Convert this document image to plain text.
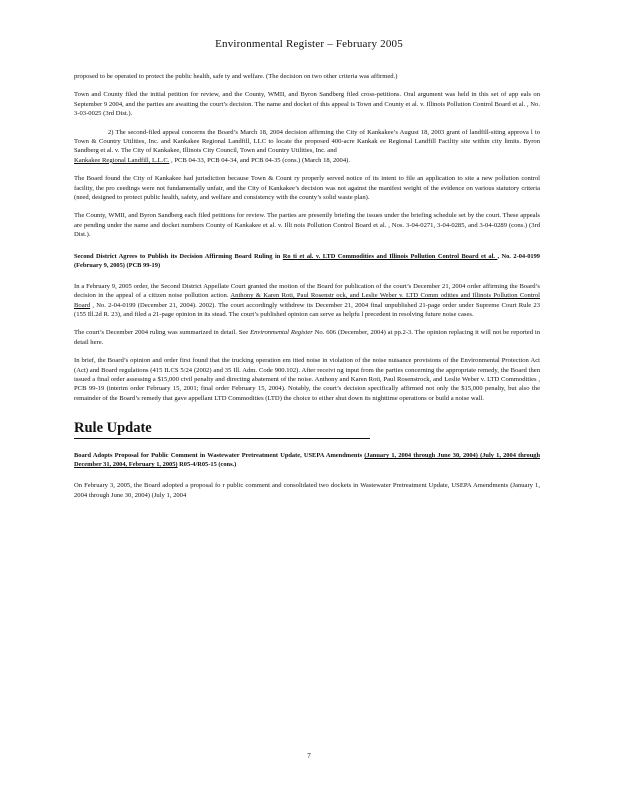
Environmental Register – February 2005

proposed to be operated to protect the public health, safe ty and welfare. (The decision on two other criteria was affirmed.)

Town and County filed the initial petition for review, and the County, WMII, and Byron Sandberg filed cross-petitions. Oral argument was held in this set of app eals on September 9 2004, and the parties are awaiting the court’s decision. The name and docket of this appeal is Town and County et al. v. Illinois Pollution Control Board et al. , No. 3-03-0025 (3rd Dist.).

2) The second-filed appeal concerns the Board’s March 18, 2004 decision affirming the City of Kankakee’s August 18, 2003 grant of landfill-siting approva l to Town & Country Utilities, Inc. and Kankakee Regional Landfill, LLC to locate the proposed 400-acre Kankak ee Regional Landfill Facility site within city limits. Byron Sandberg et al. v. The City of Kankakee, Illinois City Council, Town and Country Utilities, Inc. and
Kankakee Regional Landfill, L.L.C. , PCB 04-33, PCB 04-34, and PCB 04-35 (cons.) (March 18, 2004).

The Board found the City of Kankakee had jurisdiction because Town & Count ry properly served notice of its intent to file an application to site a new pollution control facility, the pro ceedings were not fundamentally unfair, and the City of Kankakee’s decision was not against the manifest weight of the evidence on various statutory criteria (need, designed to protect public health, safety, and welfare and consistency with the county’s solid waste plan).

The County, WMII, and Byron Sandberg each filed petitions for review. The parties are presently briefing the issues under the briefing schedule set by the court. These appeals are pending under the name and docket numbers County of Kankakee et al. v. Illi nois Pollution Control Board et al. , Nos. 3-04-0271, 3-04-0285, and 3-04-0289 (cons.) (3rd Dist.).

Second District Agrees to Publish its Decision Affirming Board Ruling in Ro ti et al. v. LTD Commodities and Illinois Pollution Control Board et al. , No. 2-04-0199 (February 9, 2005) (PCB 99-19)

In a February 9, 2005 order, the Second District Appellate Court granted the motion of the Board for publication of the court’s December 21, 2004 order affirming the Board’s decision in the appeal of a citizen noise pollution action. Anthony & Karen Roti, Paul Rosenstr ock, and Leslie Weber v. LTD Comm odities and Illinois Pollution Control Board , No. 2-04-0199 (December 21, 2004). 2002). The court accordingly withdrew its December 21, 2004 final unpublished 21-page order under Supreme Court Rule 23 (155 Ill.2d R. 23), and filed a 21-page opinion in its stead. The court’s published opinion can serve as helpfu l precedent in resolving future noise cases.

The court’s December 2004 ruling was summarized in detail. See Environmental Register No. 606 (December, 2004) at pp.2-3. The opinion replacing it will not be reported in detail here.

In brief, the Board’s opinion and order first found that the trucking operation em itted noise in violation of the noise nuisance provisions of the Environmental Protection Act (Act) and Board regulations (415 ILCS 5/24 (2002) and 35 Ill. Adm. Code 900.102). After receivi ng input from the parties concerning the appropriate remedy, the Board then issued a final order assessing a $15,000 civil penalty and directing abatement of the noise. Anthony and Karen Roti, Paul Rosenstrock, and Leslie Weber v. LTD Commodities , PCB 99-19 (interim order February 15, 2001; final order February 15, 2004). Notably, the court’s decision specifically affirmed not only the $15,000 penalty, but also the remainder of the Board’s remedy that gave appellant LTD Commodities (LTD) the choice to either shut down its nighttime operations or build a noise wall.

Rule Update
Board Adopts Proposal for Public Comment in Wastewater Pretreatment Update, USEPA Amendments (January 1, 2004 through June 30, 2004) (July 1, 2004 through December 31, 2004, February 1, 2005) R05-4/R05-15 (cons.)

On February 3, 2005, the Board adopted a proposal fo r public comment and consolidated two dockets in Wastewater Pretreatment Update, USEPA Amendments (January 1, 2004 through June 30, 2004) (July 1, 2004

7
